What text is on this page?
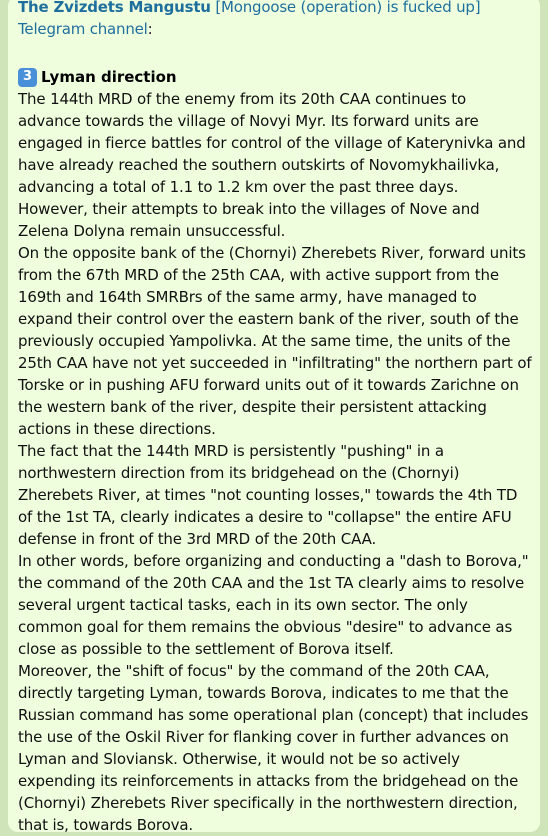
The Zvizdets Mangustu [Mongoose (operation) is fucked up]
Telegram channel:
3 Lyman direction

The 144th MRD of the enemy from its 20th CAA continues to advance towards the village of Novyi Myr. Its forward units are engaged in fierce battles for control of the village of Katerynivka and have already reached the southern outskirts of Novomykhailivka, advancing a total of 1.1 to 1.2 km over the past three days. However, their attempts to break into the villages of Nove and Zelena Dolyna remain unsuccessful.

On the opposite bank of the (Chornyi) Zherebets River, forward units from the 67th MRD of the 25th CAA, with active support from the 169th and 164th SMRBrs of the same army, have managed to expand their control over the eastern bank of the river, south of the previously occupied Yampolivka. At the same time, the units of the 25th CAA have not yet succeeded in "infiltrating" the northern part of Torske or in pushing AFU forward units out of it towards Zarichne on the western bank of the river, despite their persistent attacking actions in these directions.

The fact that the 144th MRD is persistently "pushing" in a northwestern direction from its bridgehead on the (Chornyi) Zherebets River, at times "not counting losses," towards the 4th TD of the 1st TA, clearly indicates a desire to "collapse" the entire AFU defense in front of the 3rd MRD of the 20th CAA.

In other words, before organizing and conducting a "dash to Borova," the command of the 20th CAA and the 1st TA clearly aims to resolve several urgent tactical tasks, each in its own sector. The only common goal for them remains the obvious "desire" to advance as close as possible to the settlement of Borova itself.

Moreover, the "shift of focus" by the command of the 20th CAA, directly targeting Lyman, towards Borova, indicates to me that the Russian command has some operational plan (concept) that includes the use of the Oskil River for flanking cover in further advances on Lyman and Sloviansk. Otherwise, it would not be so actively expending its reinforcements in attacks from the bridgehead on the (Chornyi) Zherebets River specifically in the northwestern direction, that is, towards Borova.
